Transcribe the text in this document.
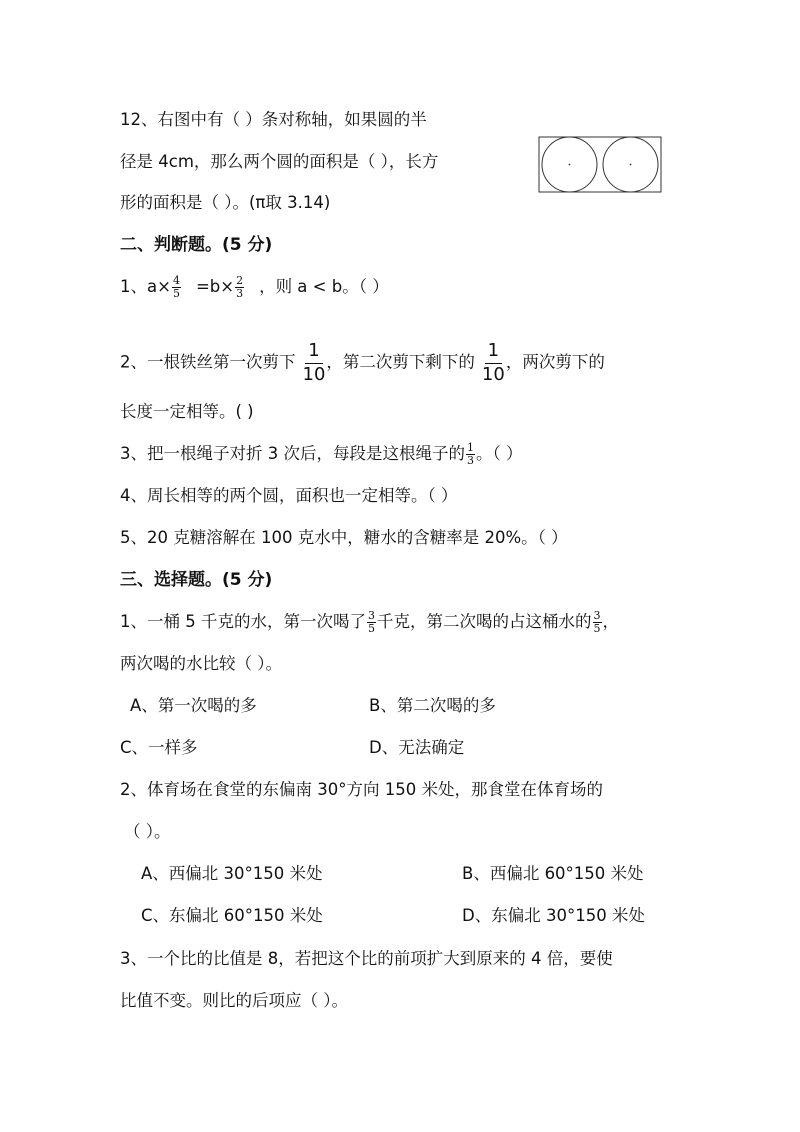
12、右图中有（ ）条对称轴，如果圆的半
径是 4cm，那么两个圆的面积是（ ），长方
形的面积是（ ）。(π取 3.14)
二、判断题。(5 分)
1、$a\times \frac{4}{5} =b\times \frac{2}{3}$ ，则 a < b。（ ）
2、一根铁丝第一次剪下 $\frac{1}{10}$ ，第二次剪下剩下的 $\frac{1}{10}$ ，两次剪下的
长度一定相等。( )
3、把一根绳子对折 3 次后，每段是这根绳子的 $\frac{1}{3}$ 。（ ）
4、周长相等的两个圆，面积也一定相等。（ ）
5、20 克糖溶解在 100 克水中，糖水的含糖率是 20%。（ ）
三、选择题。(5 分)
1、一桶 5 千克的水，第一次喝了 $\frac{3}{5}$ 千克，第二次喝的占这桶水的 $\frac{3}{5}$ ，
两次喝的水比较（ ）。
A、第一次喝的多	B、第二次喝的多
C、一样多	D、无法确定
2、体育场在食堂的东偏南 30°方向 150 米处，那食堂在体育场的
（ ）。
A、西偏北 30°150 米处	B、西偏北 60°150 米处
C、东偏北 60°150 米处	D、东偏北 30°150 米处
3、一个比的比值是 8，若把这个比的前项扩大到原来的 4 倍，要使
比值不变。则比的后项应（ ）。
